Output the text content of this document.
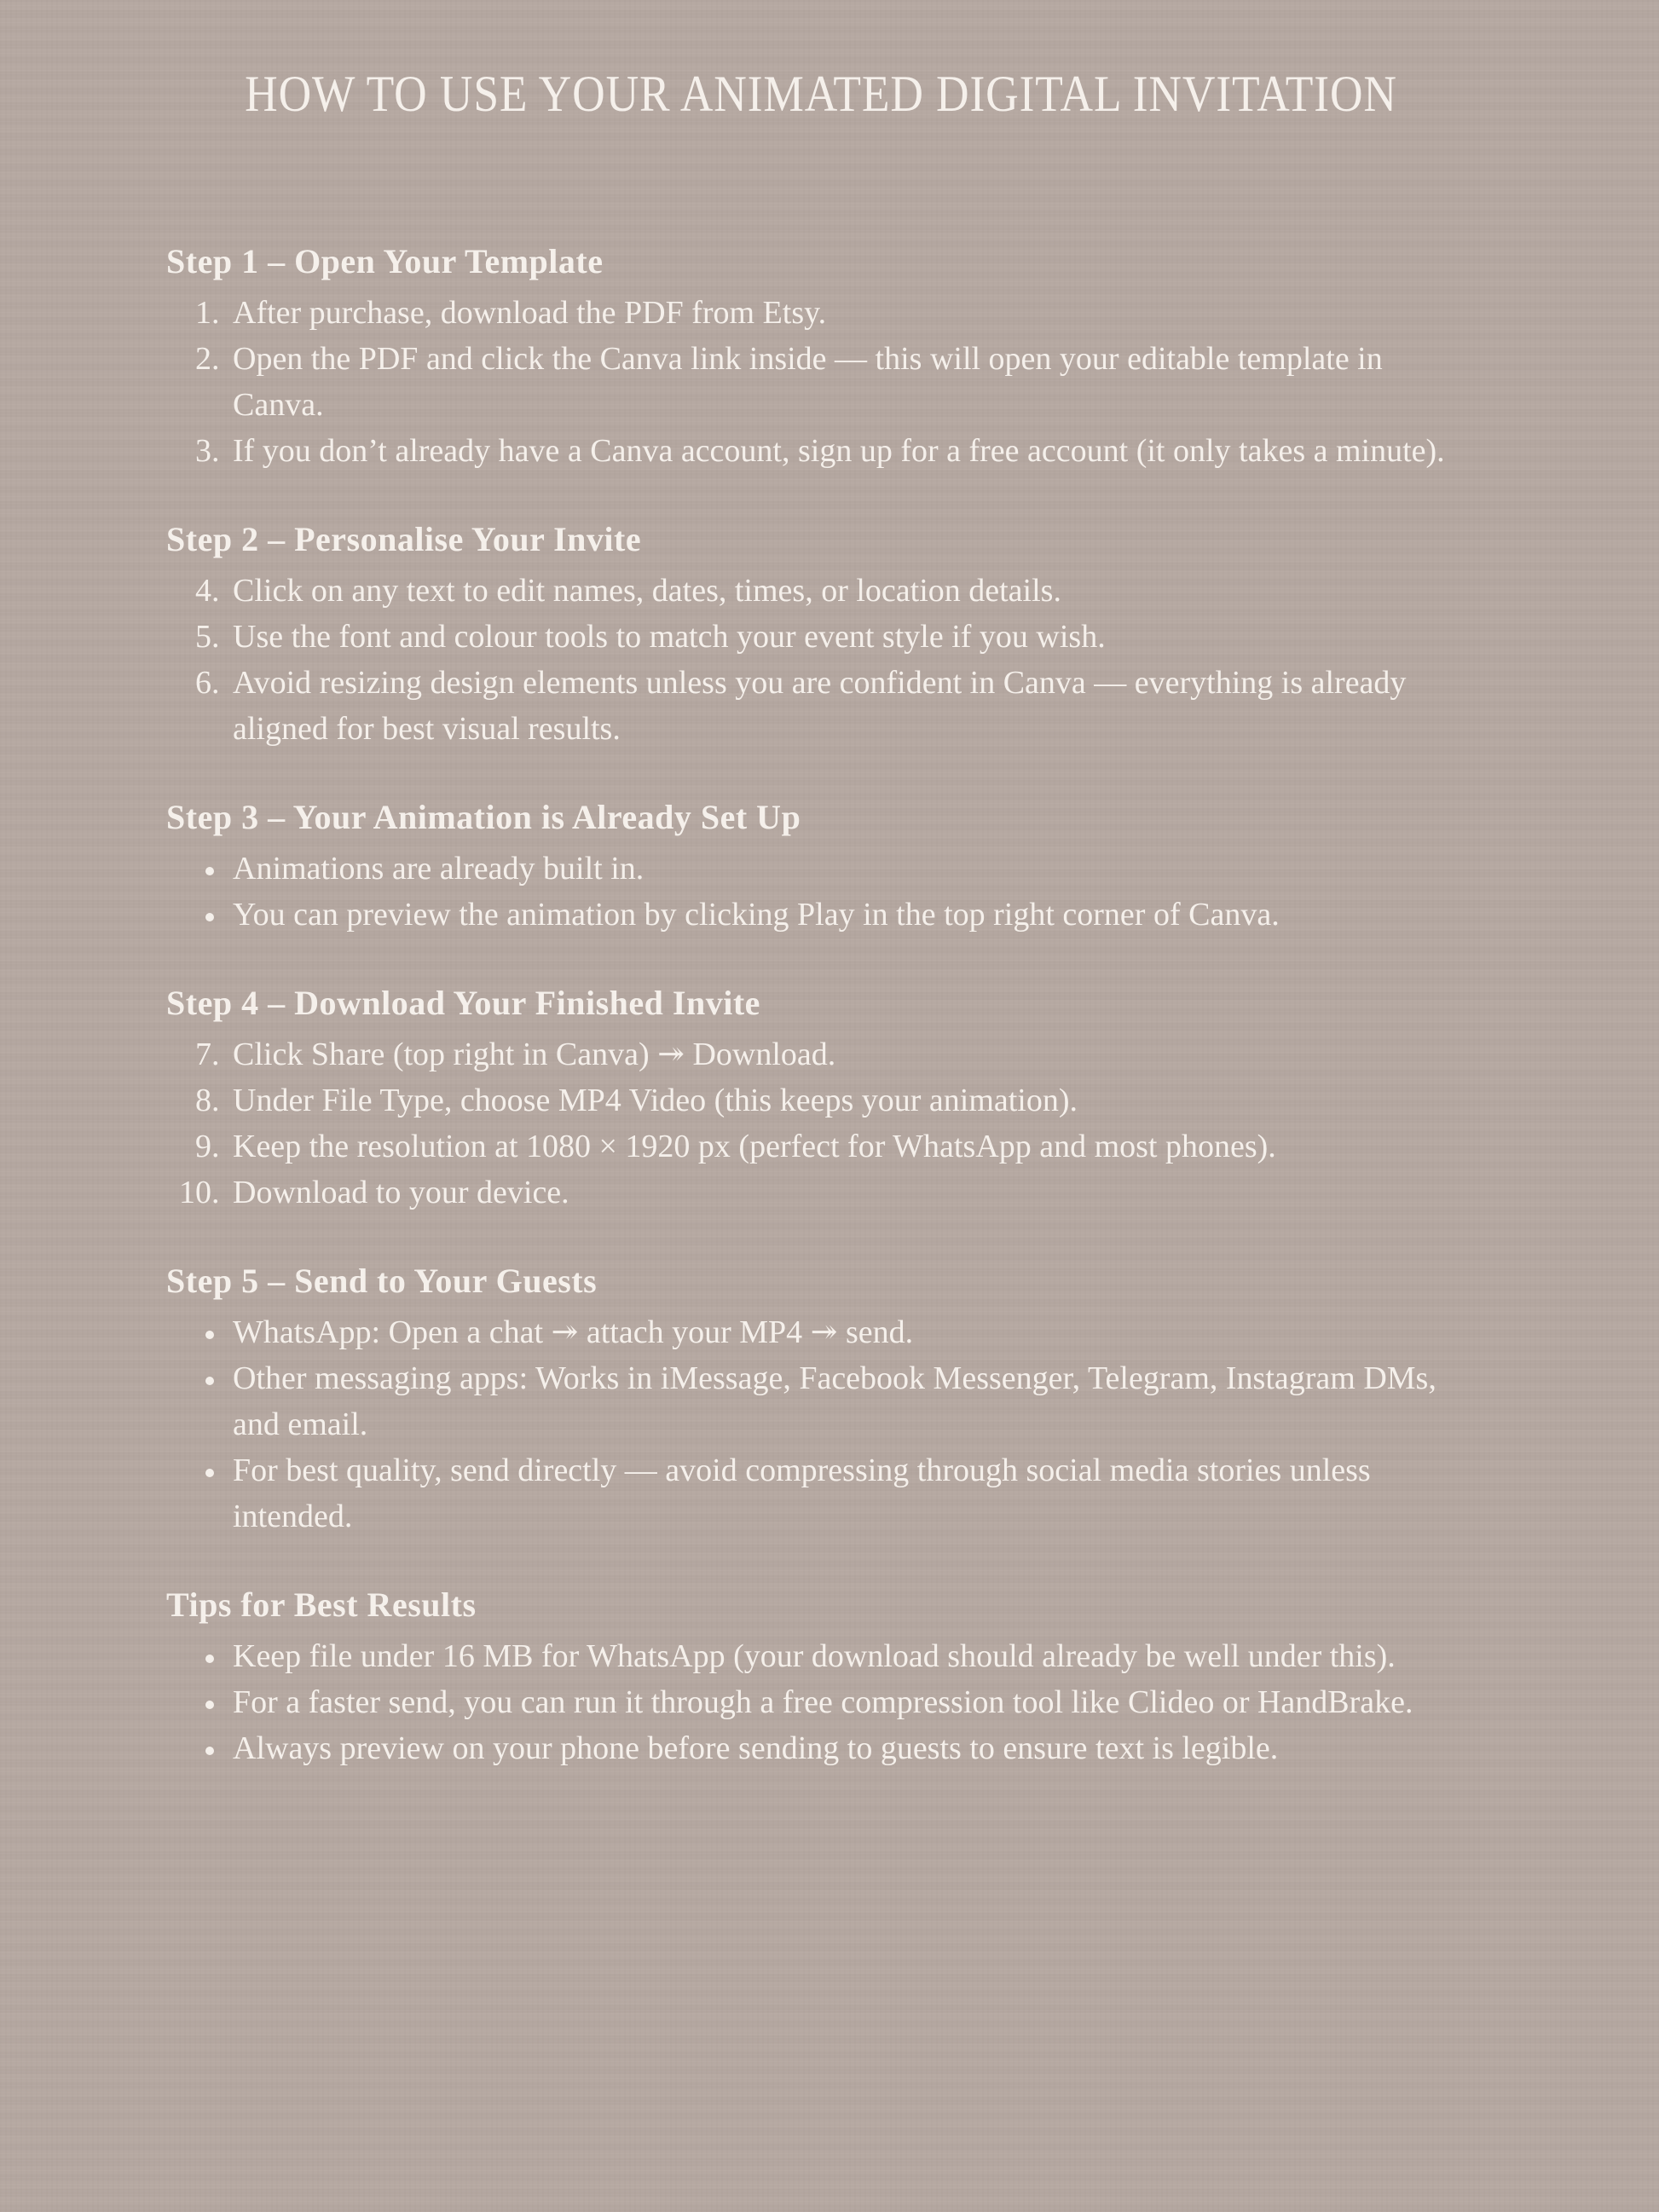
HOW TO USE YOUR ANIMATED DIGITAL INVITATION
Step 1 – Open Your Template
1. After purchase, download the PDF from Etsy.
2. Open the PDF and click the Canva link inside — this will open your editable template in Canva.
3. If you don’t already have a Canva account, sign up for a free account (it only takes a minute).
Step 2 – Personalise Your Invite
4. Click on any text to edit names, dates, times, or location details.
5. Use the font and colour tools to match your event style if you wish.
6. Avoid resizing design elements unless you are confident in Canva — everything is already aligned for best visual results.
Step 3 – Your Animation is Already Set Up
• Animations are already built in.
• You can preview the animation by clicking Play in the top right corner of Canva.
Step 4 – Download Your Finished Invite
7. Click Share (top right in Canva) ↠ Download.
8. Under File Type, choose MP4 Video (this keeps your animation).
9. Keep the resolution at 1080 × 1920 px (perfect for WhatsApp and most phones).
10. Download to your device.
Step 5 – Send to Your Guests
• WhatsApp: Open a chat ↠ attach your MP4 ↠ send.
• Other messaging apps: Works in iMessage, Facebook Messenger, Telegram, Instagram DMs, and email.
• For best quality, send directly — avoid compressing through social media stories unless intended.
Tips for Best Results
• Keep file under 16 MB for WhatsApp (your download should already be well under this).
• For a faster send, you can run it through a free compression tool like Clideo or HandBrake.
• Always preview on your phone before sending to guests to ensure text is legible.
